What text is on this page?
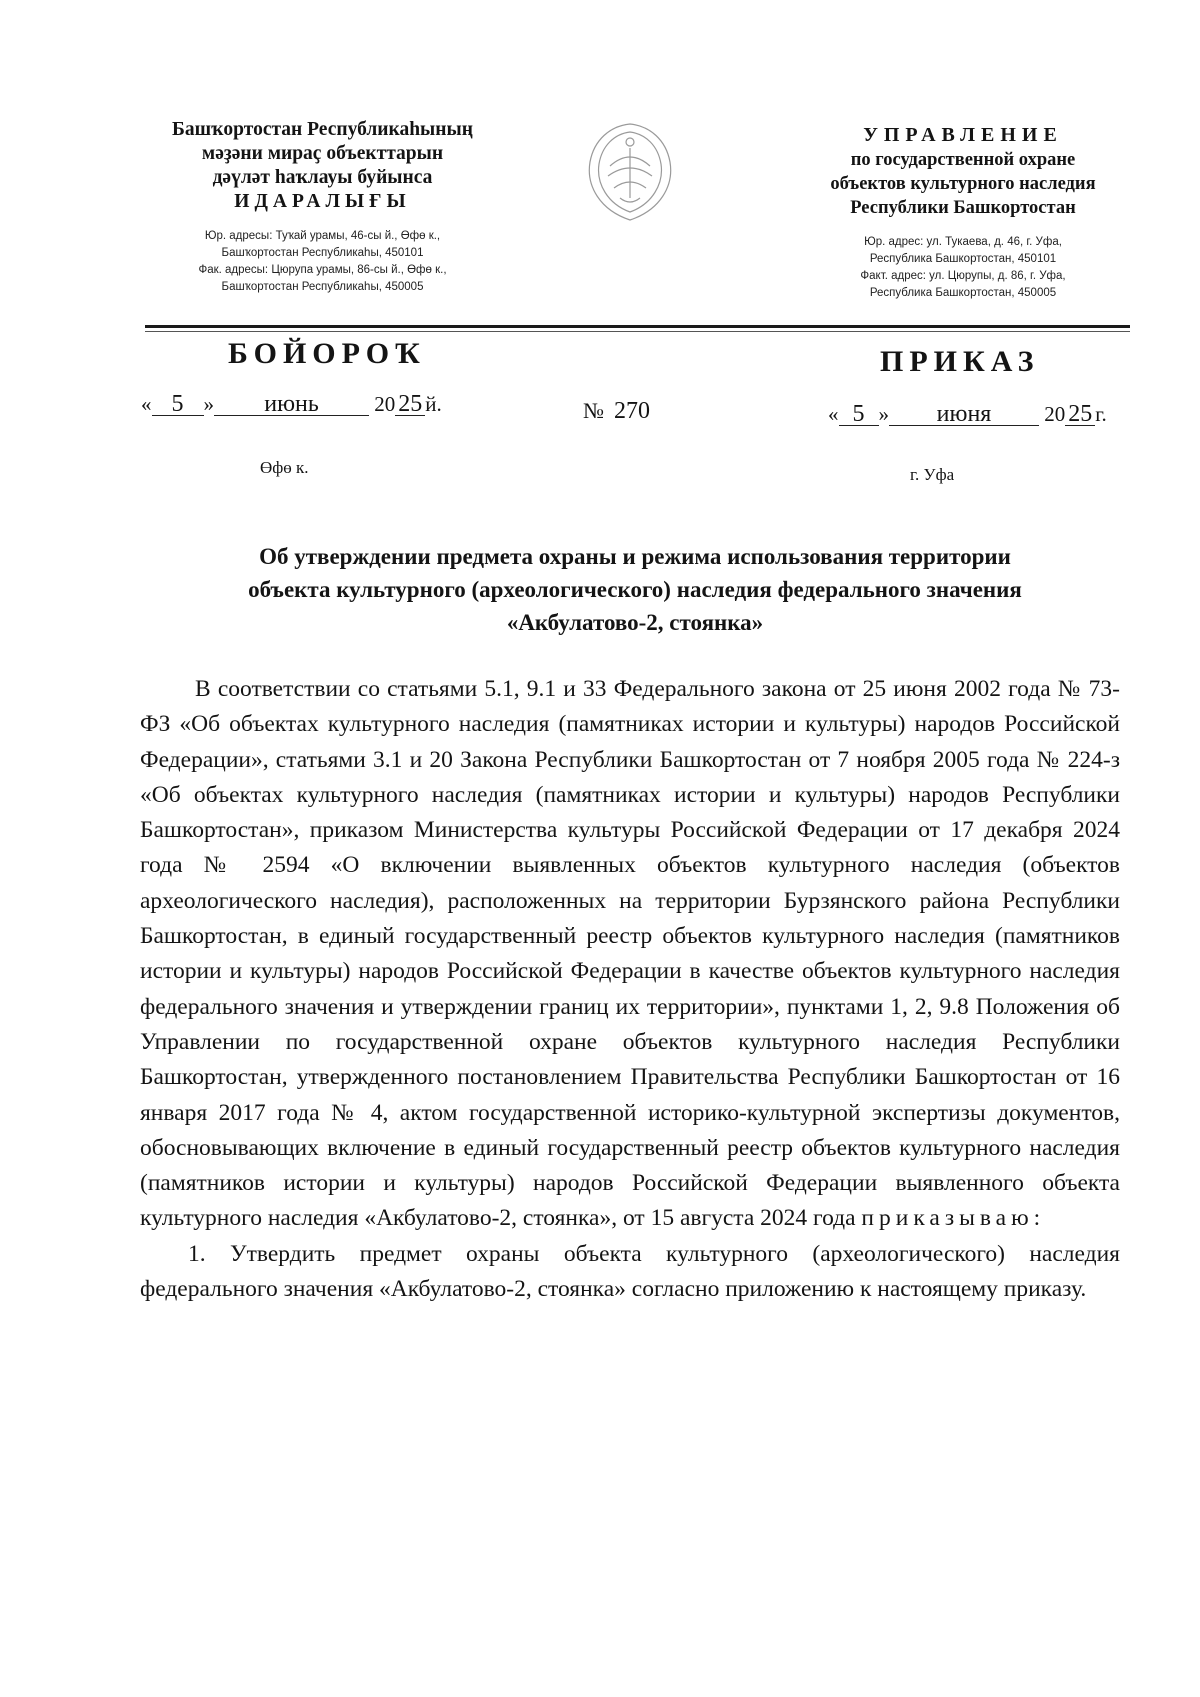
Башҡортостан Республикаһының
мәҙәни мираҫ объекттарын
дәүләт һаҡлауы буйынса
ИДАРАЛЫҒЫ
Юр. адресы: Туҡай урамы, 46-сы й., Өфө к.,
Башҡортостан Республикаһы, 450101
Фак. адресы: Цюрупа урамы, 86-сы й., Өфө к.,
Башҡортостан Республикаһы, 450005
УПРАВЛЕНИЕ
по государственной охране
объектов культурного наследия
Республики Башкортостан
Юр. адрес: ул. Тукаева, д. 46, г. Уфа,
Республика Башкортостан, 450101
Факт. адрес: ул. Цюрупы, д. 86, г. Уфа,
Республика Башкортостан, 450005
БОЙОРОҠ	ПРИКАЗ
« 5 » июнь	20 25 й.	№ 270	« 5 » июня	20 25 г.
Өфө к.	г. Уфа
Об утверждении предмета охраны и режима использования территории
объекта культурного (археологического) наследия федерального значения
«Акбулатово-2, стоянка»

В соответствии со статьями 5.1, 9.1 и 33 Федерального закона от 25 июня 2002 года № 73-ФЗ «Об объектах культурного наследия (памятниках истории и культуры) народов Российской Федерации», статьями 3.1 и 20 Закона Республики Башкортостан от 7 ноября 2005 года № 224-з «Об объектах культурного наследия (памятниках истории и культуры) народов Республики Башкортостан», приказом Министерства культуры Российской Федерации от 17 декабря 2024 года № 2594 «О включении выявленных объектов культурного наследия (объектов археологического наследия), расположенных на территории Бурзянского района Республики Башкортостан, в единый государственный реестр объектов культурного наследия (памятников истории и культуры) народов Российской Федерации в качестве объектов культурного наследия федерального значения и утверждении границ их территории», пунктами 1, 2, 9.8 Положения об Управлении по государственной охране объектов культурного наследия Республики Башкортостан, утвержденного постановлением Правительства Республики Башкортостан от 16 января 2017 года № 4, актом государственной историко-культурной экспертизы документов, обосновывающих включение в единый государственный реестр объектов культурного наследия (памятников истории и культуры) народов Российской Федерации выявленного объекта культурного наследия «Акбулатово-2, стоянка», от 15 августа 2024 года приказываю:

1. Утвердить предмет охраны объекта культурного (археологического) наследия федерального значения «Акбулатово-2, стоянка» согласно приложению к настоящему приказу.
